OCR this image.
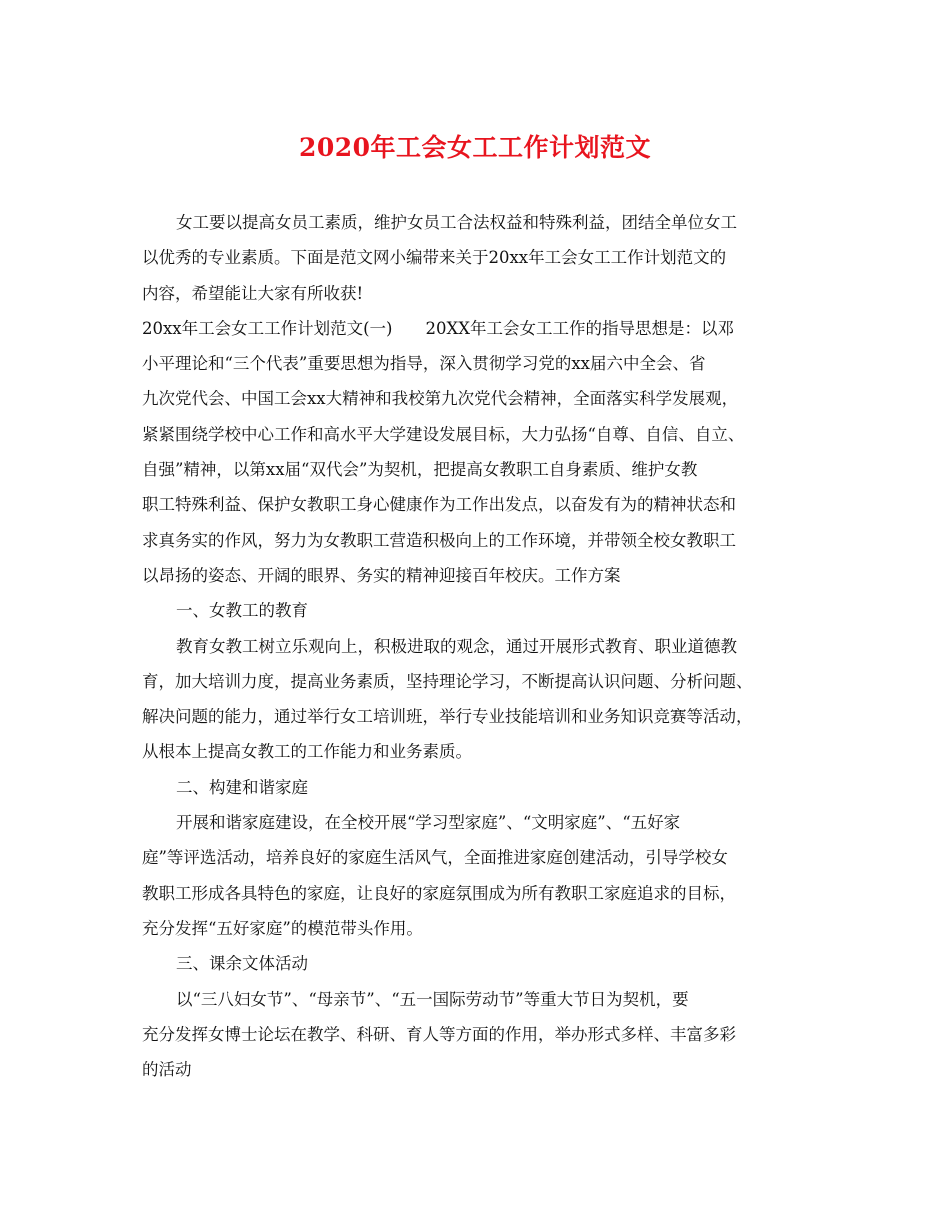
2020年工会女工工作计划范文
女工要以提高女员工素质，维护女员工合法权益和特殊利益，团结全单位女工
以优秀的专业素质。下面是范文网小编带来关于20xx年工会女工工作计划范文的
内容，希望能让大家有所收获!
20xx年工会女工工作计划范文(一)　　20XX年工会女工工作的指导思想是：以邓
小平理论和“三个代表”重要思想为指导，深入贯彻学习党的xx届六中全会、省
九次党代会、中国工会xx大精神和我校第九次党代会精神，全面落实科学发展观，
紧紧围绕学校中心工作和高水平大学建设发展目标，大力弘扬“自尊、自信、自立、
自强”精神，以第xx届“双代会”为契机，把提高女教职工自身素质、维护女教
职工特殊利益、保护女教职工身心健康作为工作出发点，以奋发有为的精神状态和
求真务实的作风，努力为女教职工营造积极向上的工作环境，并带领全校女教职工
以昂扬的姿态、开阔的眼界、务实的精神迎接百年校庆。工作方案
一、女教工的教育
教育女教工树立乐观向上，积极进取的观念，通过开展形式教育、职业道德教
育，加大培训力度，提高业务素质，坚持理论学习，不断提高认识问题、分析问题、
解决问题的能力，通过举行女工培训班，举行专业技能培训和业务知识竞赛等活动，
从根本上提高女教工的工作能力和业务素质。
二、构建和谐家庭
开展和谐家庭建设，在全校开展“学习型家庭”、“文明家庭”、“五好家
庭”等评选活动，培养良好的家庭生活风气，全面推进家庭创建活动，引导学校女
教职工形成各具特色的家庭，让良好的家庭氛围成为所有教职工家庭追求的目标，
充分发挥“五好家庭”的模范带头作用。
三、课余文体活动
以“三八妇女节”、“母亲节”、“五一国际劳动节”等重大节日为契机，要
充分发挥女博士论坛在教学、科研、育人等方面的作用，举办形式多样、丰富多彩
的活动
